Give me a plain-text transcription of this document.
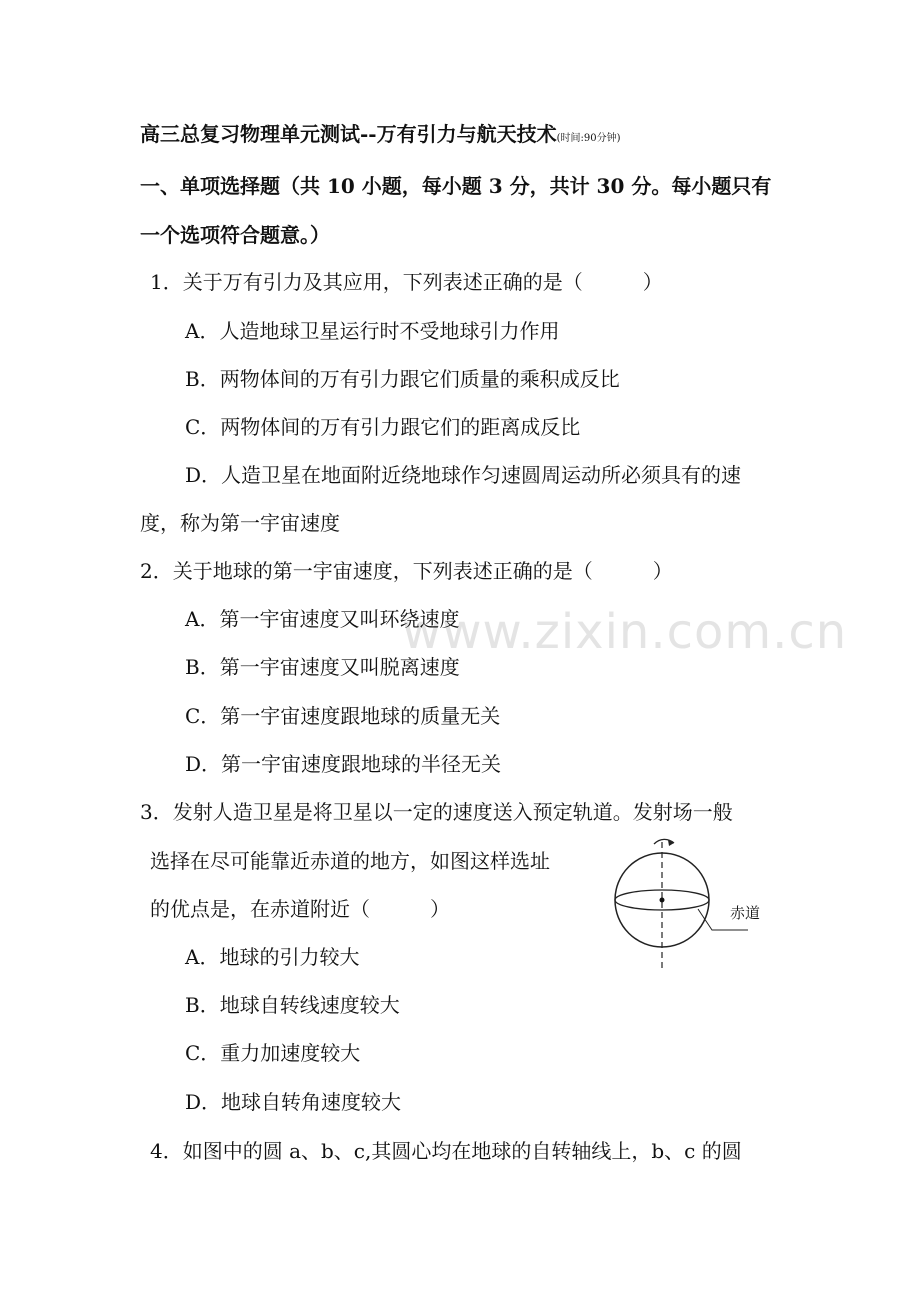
www.zixin.com.cn
高三总复习物理单元测试--万有引力与航天技术(时间:90分钟)
一、单项选择题（共 10 小题，每小题 3 分，共计 30 分。每小题只有
一个选项符合题意。）
1．关于万有引力及其应用，下列表述正确的是（　　　）
A．人造地球卫星运行时不受地球引力作用
B．两物体间的万有引力跟它们质量的乘积成反比
C．两物体间的万有引力跟它们的距离成反比
D．人造卫星在地面附近绕地球作匀速圆周运动所必须具有的速
度，称为第一宇宙速度
2．关于地球的第一宇宙速度，下列表述正确的是（　　　）
A．第一宇宙速度又叫环绕速度
B．第一宇宙速度又叫脱离速度
C．第一宇宙速度跟地球的质量无关
D．第一宇宙速度跟地球的半径无关
3．发射人造卫星是将卫星以一定的速度送入预定轨道。发射场一般
选择在尽可能靠近赤道的地方，如图这样选址
的优点是，在赤道附近（　　　）
A．地球的引力较大
B．地球自转线速度较大
C．重力加速度较大
D．地球自转角速度较大
赤道
4．如图中的圆 a、b、c,其圆心均在地球的自转轴线上，b、c 的圆
